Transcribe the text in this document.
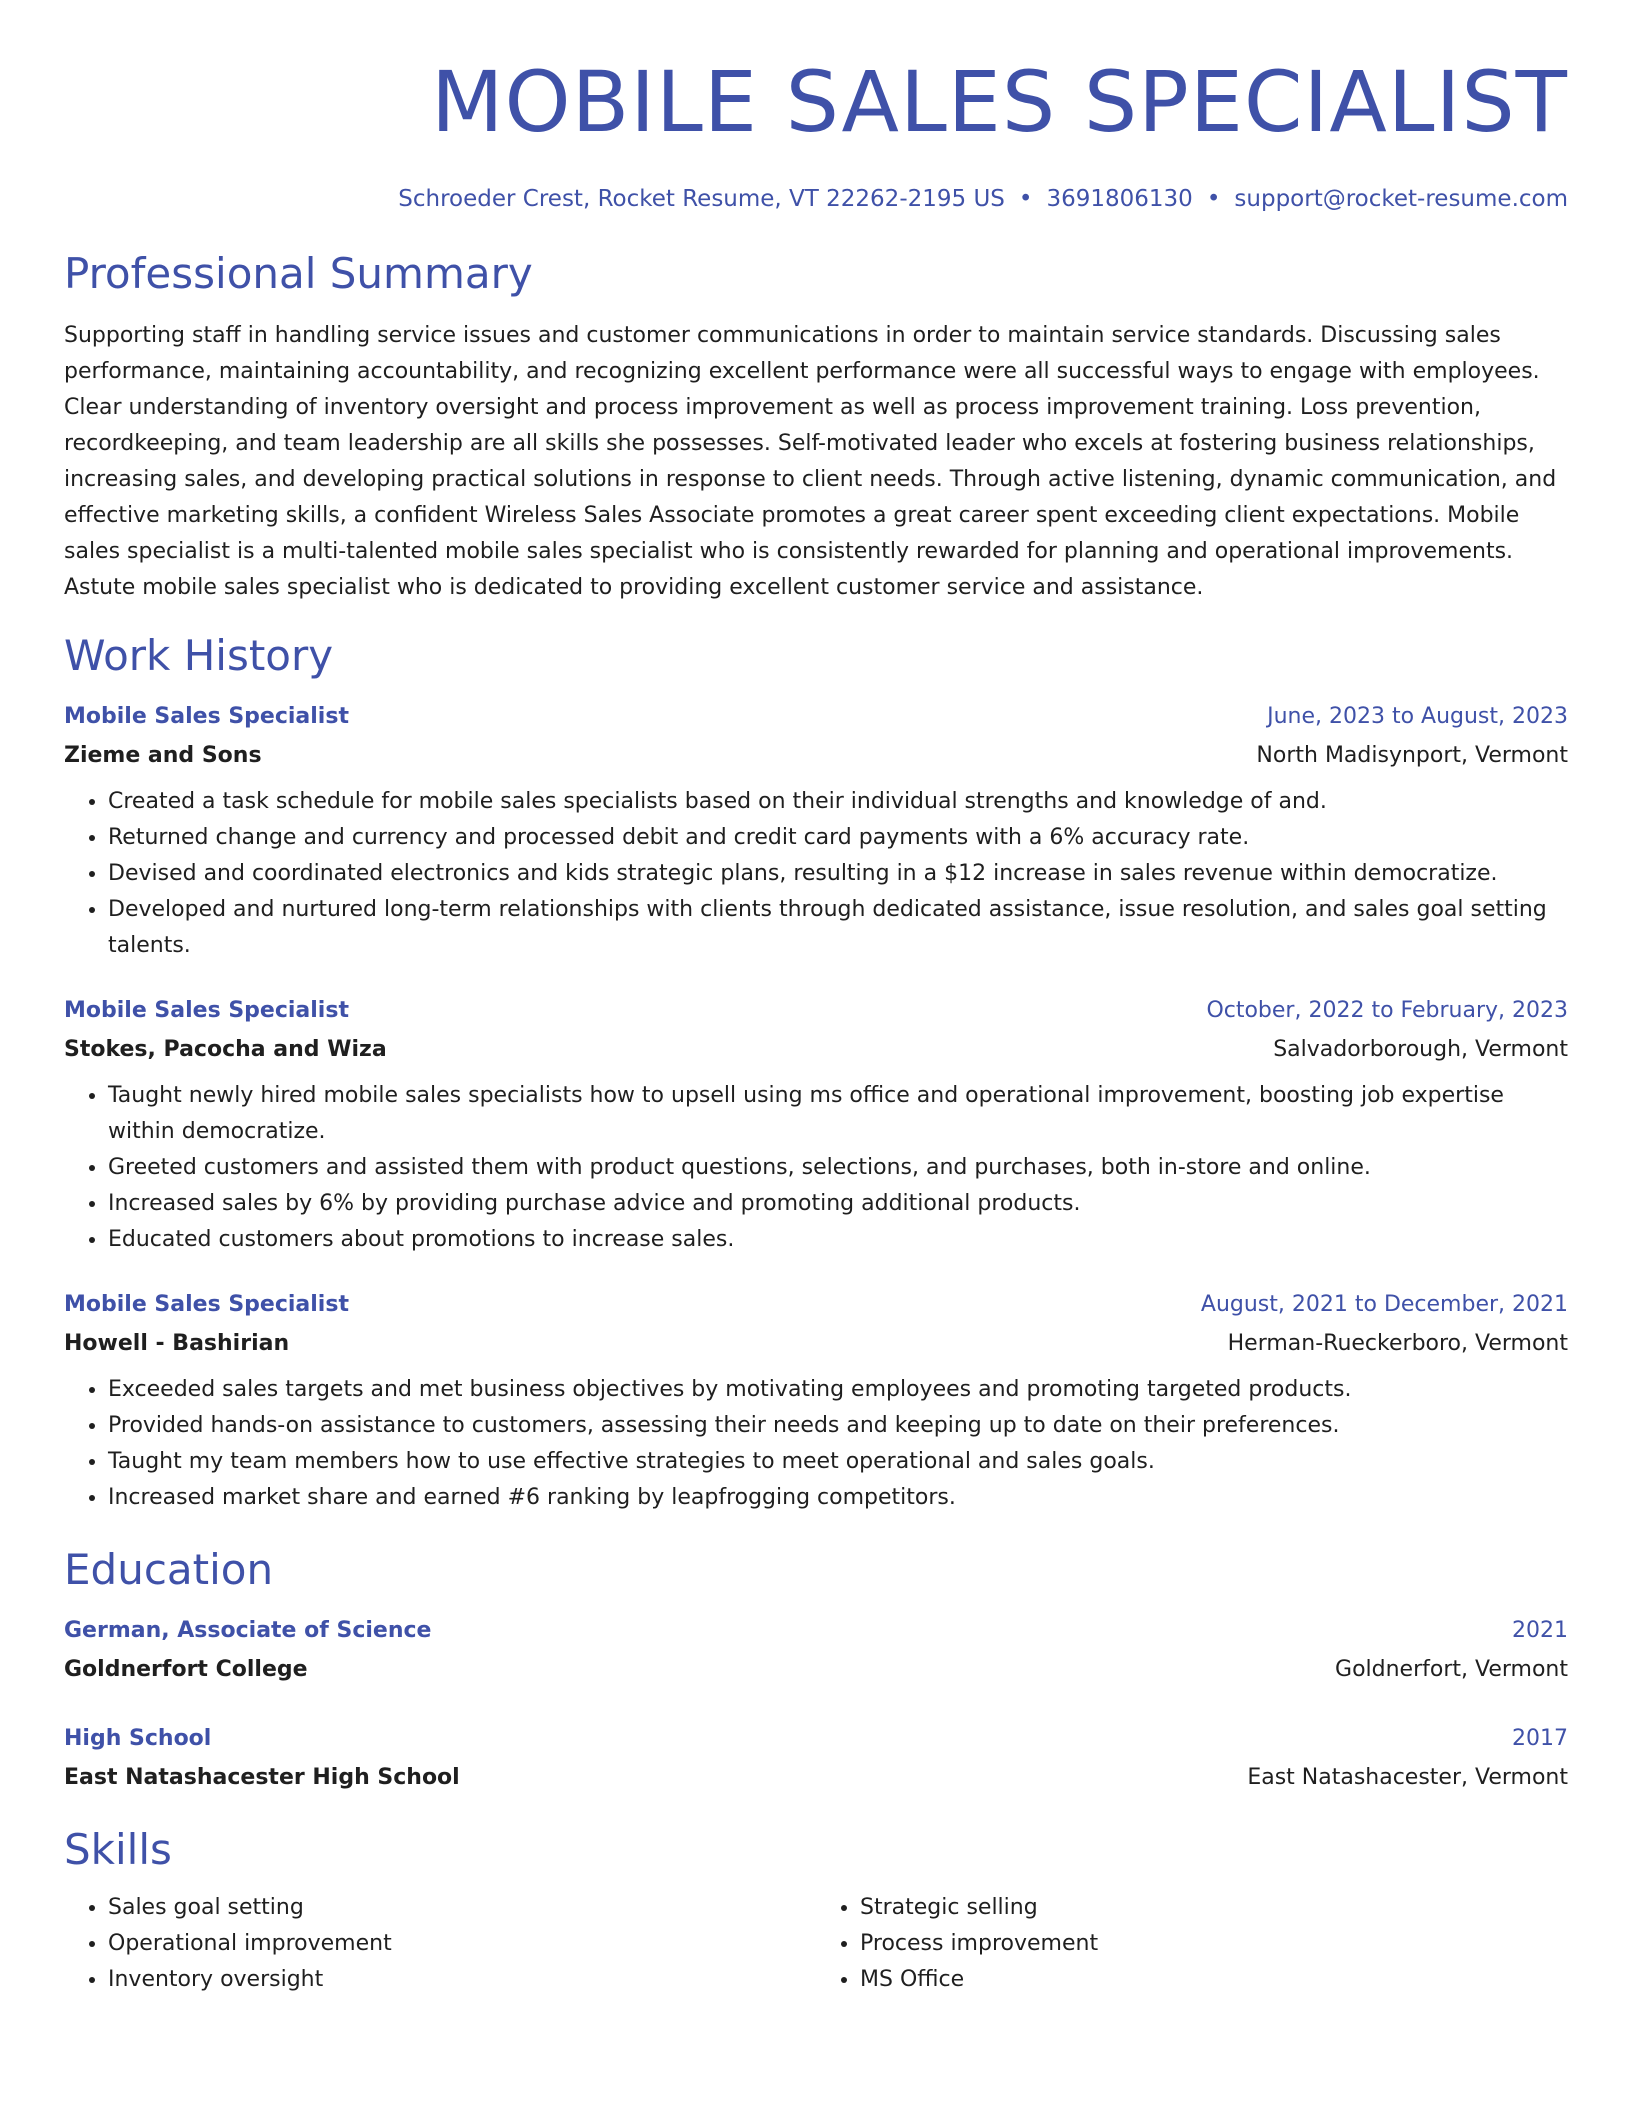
MOBILE SALES SPECIALIST
Schroeder Crest, Rocket Resume, VT 22262-2195 US • 3691806130 • support@rocket-resume.com
Professional Summary

Supporting staff in handling service issues and customer communications in order to maintain service standards. Discussing sales performance, maintaining accountability, and recognizing excellent performance were all successful ways to engage with employees. Clear understanding of inventory oversight and process improvement as well as process improvement training. Loss prevention, recordkeeping, and team leadership are all skills she possesses. Self-motivated leader who excels at fostering business relationships, increasing sales, and developing practical solutions in response to client needs. Through active listening, dynamic communication, and effective marketing skills, a confident Wireless Sales Associate promotes a great career spent exceeding client expectations. Mobile sales specialist is a multi-talented mobile sales specialist who is consistently rewarded for planning and operational improvements. Astute mobile sales specialist who is dedicated to providing excellent customer service and assistance.

Work History
Mobile Sales Specialist	June, 2023 to August, 2023
Zieme and Sons	North Madisynport, Vermont
• Created a task schedule for mobile sales specialists based on their individual strengths and knowledge of and.
• Returned change and currency and processed debit and credit card payments with a 6% accuracy rate.
• Devised and coordinated electronics and kids strategic plans, resulting in a $12 increase in sales revenue within democratize.
• Developed and nurtured long-term relationships with clients through dedicated assistance, issue resolution, and sales goal setting talents.
Mobile Sales Specialist	October, 2022 to February, 2023
Stokes, Pacocha and Wiza	Salvadorborough, Vermont
• Taught newly hired mobile sales specialists how to upsell using ms office and operational improvement, boosting job expertise within democratize.
• Greeted customers and assisted them with product questions, selections, and purchases, both in-store and online.
• Increased sales by 6% by providing purchase advice and promoting additional products.
• Educated customers about promotions to increase sales.
Mobile Sales Specialist	August, 2021 to December, 2021
Howell - Bashirian	Herman-Rueckerboro, Vermont
• Exceeded sales targets and met business objectives by motivating employees and promoting targeted products.
• Provided hands-on assistance to customers, assessing their needs and keeping up to date on their preferences.
• Taught my team members how to use effective strategies to meet operational and sales goals.
• Increased market share and earned #6 ranking by leapfrogging competitors.
Education
German, Associate of Science	2021
Goldnerfort College	Goldnerfort, Vermont
High School	2017
East Natashacester High School	East Natashacester, Vermont
Skills
• Sales goal setting
• Operational improvement
• Inventory oversight
• Strategic selling
• Process improvement
• MS Office
